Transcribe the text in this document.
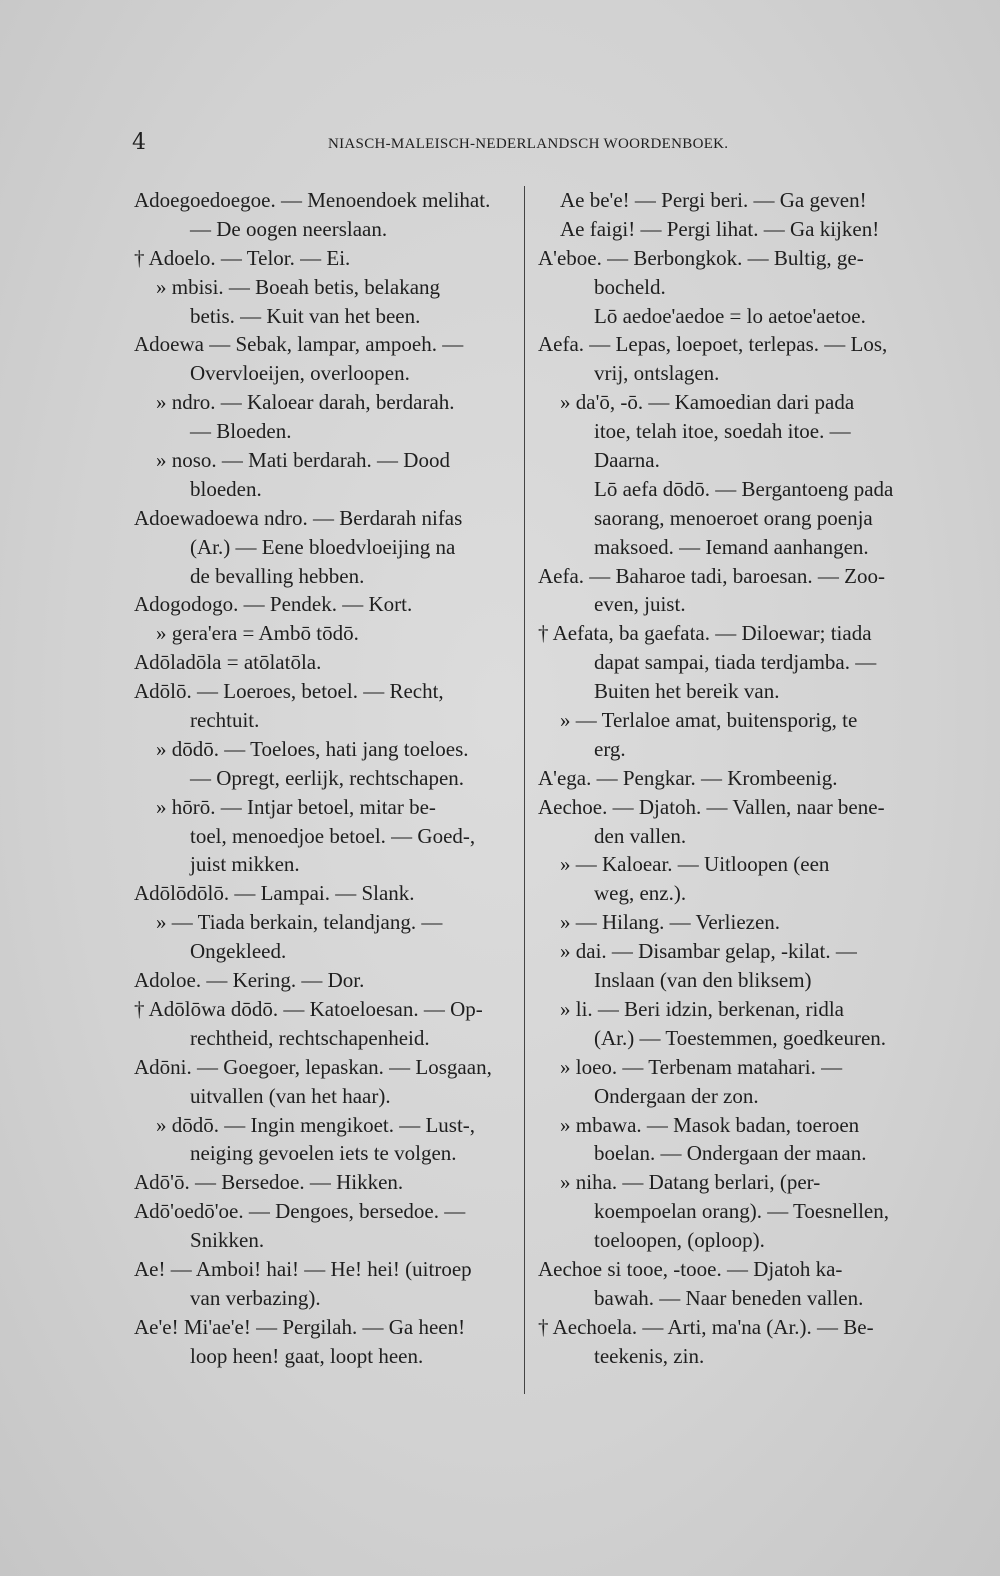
4	NIASCH-MALEISCH-NEDERLANDSCH WOORDENBOEK.
Adoegoedoegoe. — Menoendoek melihat.
— De oogen neerslaan.
† Adoelo. — Telor. — Ei.
» mbisi. — Boeah betis, belakang
betis. — Kuit van het been.
Adoewa — Sebak, lampar, ampoeh. —
Overvloeijen, overloopen.
» ndro. — Kaloear darah, berdarah.
— Bloeden.
» noso. — Mati berdarah. — Dood
bloeden.
Adoewadoewa ndro. — Berdarah nifas
(Ar.) — Eene bloedvloeijing na
de bevalling hebben.
Adogodogo. — Pendek. — Kort.
» gera'era = Ambō tōdō.
Adōladōla = atōlatōla.
Adōlō. — Loeroes, betoel. — Recht,
rechtuit.
» dōdō. — Toeloes, hati jang toeloes.
— Opregt, eerlijk, rechtschapen.
» hōrō. — Intjar betoel, mitar be-
toel, menoedjoe betoel. — Goed-,
juist mikken.
Adōlōdōlō. — Lampai. — Slank.
» — Tiada berkain, telandjang. —
Ongekleed.
Adoloe. — Kering. — Dor.
† Adōlōwa dōdō. — Katoeloesan. — Op-
rechtheid, rechtschapenheid.
Adōni. — Goegoer, lepaskan. — Losgaan,
uitvallen (van het haar).
» dōdō. — Ingin mengikoet. — Lust-,
neiging gevoelen iets te volgen.
Adō'ō. — Bersedoe. — Hikken.
Adō'oedō'oe. — Dengoes, bersedoe. —
Snikken.
Ae! — Amboi! hai! — He! hei! (uitroep
van verbazing).
Ae'e! Mi'ae'e! — Pergilah. — Ga heen!
loop heen! gaat, loopt heen.
Ae be'e! — Pergi beri. — Ga geven!
Ae faigi! — Pergi lihat. — Ga kijken!
A'eboe. — Berbongkok. — Bultig, ge-
bocheld.
Lō aedoe'aedoe = lo aetoe'aetoe.
Aefa. — Lepas, loepoet, terlepas. — Los,
vrij, ontslagen.
» da'ō, -ō. — Kamoedian dari pada
itoe, telah itoe, soedah itoe. —
Daarna.
Lō aefa dōdō. — Bergantoeng pada
saorang, menoeroet orang poenja
maksoed. — Iemand aanhangen.
Aefa. — Baharoe tadi, baroesan. — Zoo-
even, juist.
† Aefata, ba gaefata. — Diloewar; tiada
dapat sampai, tiada terdjamba. —
Buiten het bereik van.
» — Terlaloe amat, buitensporig, te
erg.
A'ega. — Pengkar. — Krombeenig.
Aechoe. — Djatoh. — Vallen, naar bene-
den vallen.
» — Kaloear. — Uitloopen (een
weg, enz.).
» — Hilang. — Verliezen.
» dai. — Disambar gelap, -kilat. —
Inslaan (van den bliksem)
» li. — Beri idzin, berkenan, ridla
(Ar.) — Toestemmen, goedkeuren.
» loeo. — Terbenam matahari. —
Ondergaan der zon.
» mbawa. — Masok badan, toeroen
boelan. — Ondergaan der maan.
» niha. — Datang berlari, (per-
koempoelan orang). — Toesnellen,
toeloopen, (oploop).
Aechoe si tooe, -tooe. — Djatoh ka-
bawah. — Naar beneden vallen.
† Aechoela. — Arti, ma'na (Ar.). — Be-
teekenis, zin.
